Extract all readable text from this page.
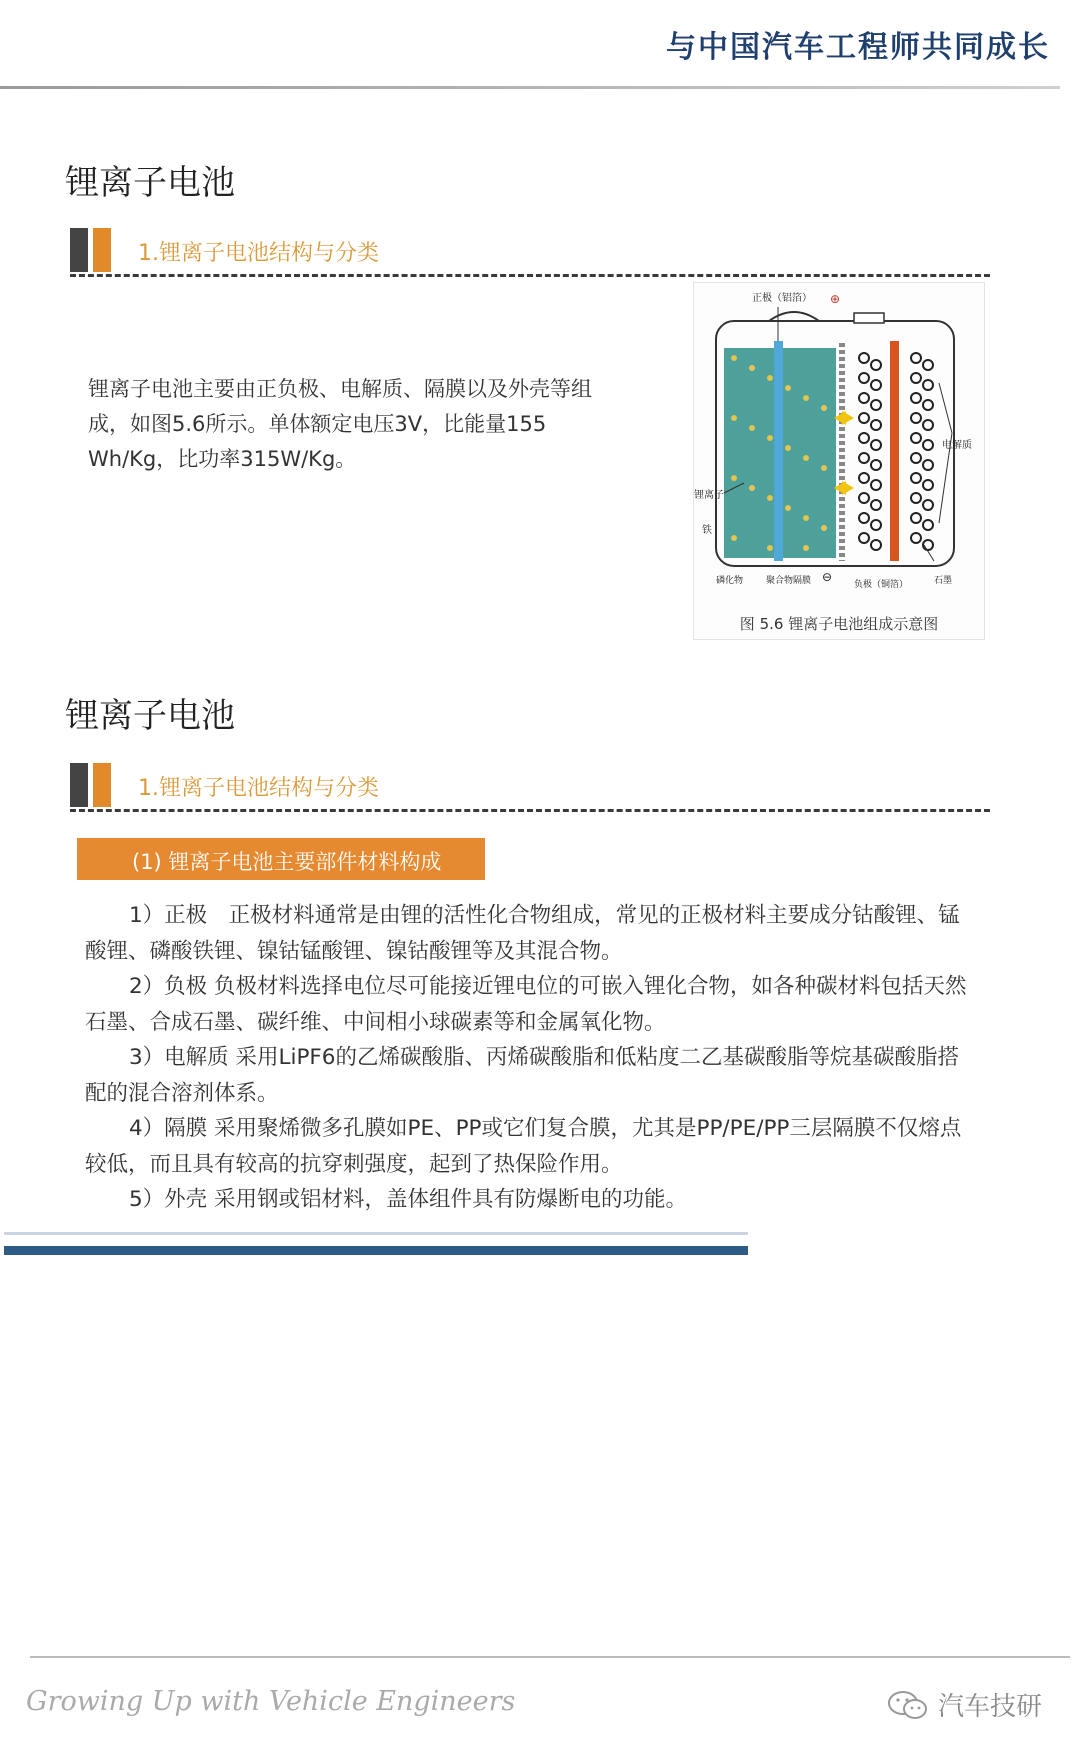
与中国汽车工程师共同成长
锂离子电池
1.锂离子电池结构与分类

锂离子电池主要由正负极、电解质、隔膜以及外壳等组成，如图5.6所示。单体额定电压3V，比能量155 Wh/Kg，比功率315W/Kg。

正极（铝箔） ⊕
电解质
锂离子
铁
磷化物	聚合物隔膜 ⊖
负极（铜箔）	石墨
图 5.6 锂离子电池组成示意图
锂离子电池
1.锂离子电池结构与分类
(1) 锂离子电池主要部件材料构成

1）正极　正极材料通常是由锂的活性化合物组成，常见的正极材料主要成分钴酸锂、锰酸锂、磷酸铁锂、镍钴锰酸锂、镍钴酸锂等及其混合物。

2）负极 负极材料选择电位尽可能接近锂电位的可嵌入锂化合物，如各种碳材料包括天然石墨、合成石墨、碳纤维、中间相小球碳素等和金属氧化物。

3）电解质 采用LiPF6的乙烯碳酸脂、丙烯碳酸脂和低粘度二乙基碳酸脂等烷基碳酸脂搭配的混合溶剂体系。

4）隔膜 采用聚烯微多孔膜如PE、PP或它们复合膜，尤其是PP/PE/PP三层隔膜不仅熔点较低，而且具有较高的抗穿刺强度，起到了热保险作用。

5）外壳 采用钢或铝材料，盖体组件具有防爆断电的功能。

Growing Up with Vehicle Engineers	汽车技研
